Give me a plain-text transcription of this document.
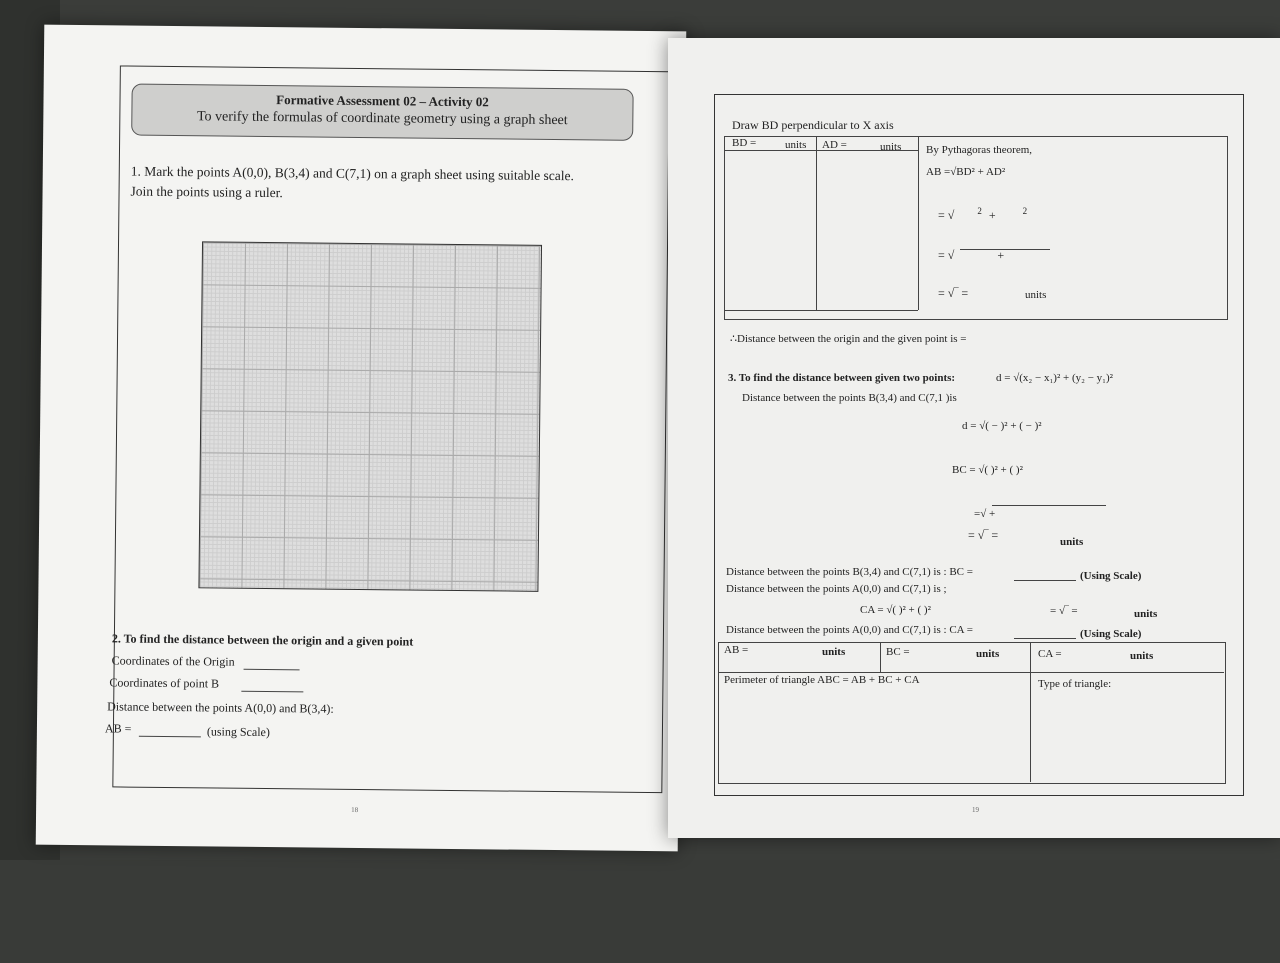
Formative Assessment 02 – Activity 02
To verify the formulas of coordinate geometry using a graph sheet
1. Mark the points A(0,0), B(3,4) and C(7,1) on a graph sheet using suitable scale.
Join the points using a ruler.
2. To find the distance between the origin and a given point
Coordinates of the Origin
Coordinates of point B
Distance between the points A(0,0) and B(3,4):
AB =	(using Scale)
18
Draw BD perpendicular to X axis
BD =	units AD =	units By Pythagoras theorem,
AB =√BD² + AD²
= √	$^2$ +	$^2$
= √	+
= √‾ =	units
∴Distance between the origin and the given point is =
3. To find the distance between given two points:	d = √(x₂ − x₁)² + (y₂ − y₁)²
Distance between the points B(3,4) and C(7,1 )is
d = √( − )² + ( − )²
BC = √( )² + ( )²
=√ +
= √‾ =	units
Distance between the points B(3,4) and C(7,1) is : BC =	(Using Scale)
Distance between the points A(0,0) and C(7,1) is ;
CA = √( )² + ( )²	= √‾ =	units
Distance between the points A(0,0) and C(7,1) is : CA =	(Using Scale)
AB =	units	BC =	units	CA =	units
Perimeter of triangle ABC = AB + BC + CA	Type of triangle:
19
